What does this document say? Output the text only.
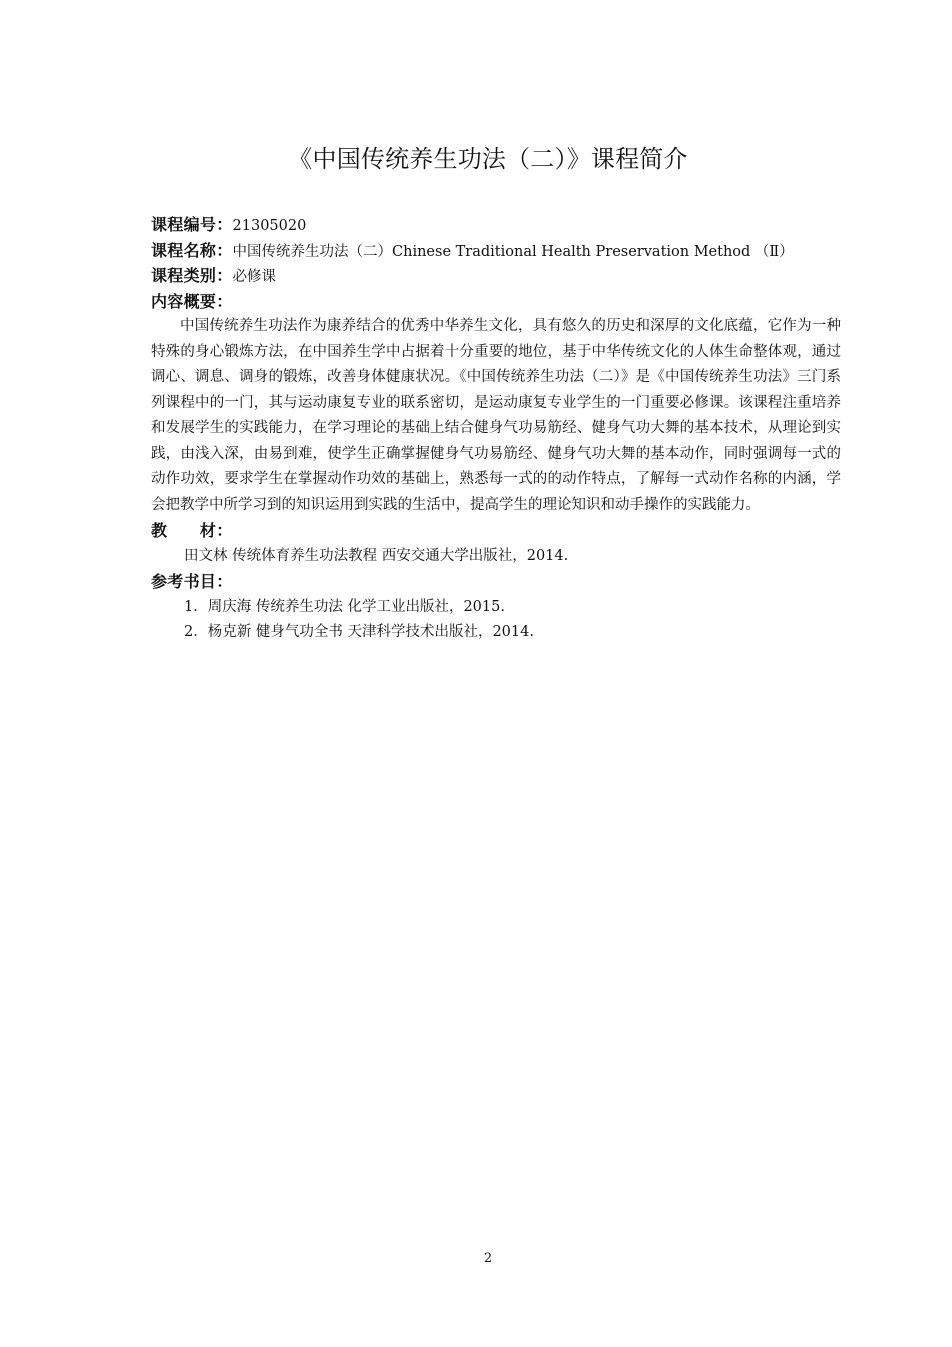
《中国传统养生功法（二）》课程简介
课程编号：21305020
课程名称：中国传统养生功法（二）Chinese Traditional Health Preservation Method （Ⅱ）
课程类别：必修课
内容概要：

中国传统养生功法作为康养结合的优秀中华养生文化，具有悠久的历史和深厚的文化底蕴，它作为一种特殊的身心锻炼方法，在中国养生学中占据着十分重要的地位，基于中华传统文化的人体生命整体观，通过调心、调息、调身的锻炼，改善身体健康状况。《中国传统养生功法（二）》是《中国传统养生功法》三门系列课程中的一门，其与运动康复专业的联系密切，是运动康复专业学生的一门重要必修课。该课程注重培养和发展学生的实践能力，在学习理论的基础上结合健身气功易筋经、健身气功大舞的基本技术，从理论到实践，由浅入深，由易到难，使学生正确掌握健身气功易筋经、健身气功大舞的基本动作，同时强调每一式的动作功效，要求学生在掌握动作功效的基础上，熟悉每一式的的动作特点，了解每一式动作名称的内涵，学会把教学中所学习到的知识运用到实践的生活中，提高学生的理论知识和动手操作的实践能力。

教　　材：
田文林 传统体育养生功法教程 西安交通大学出版社，2014.
参考书目：
1．周庆海 传统养生功法 化学工业出版社，2015.
2．杨克新 健身气功全书 天津科学技术出版社，2014.
2
